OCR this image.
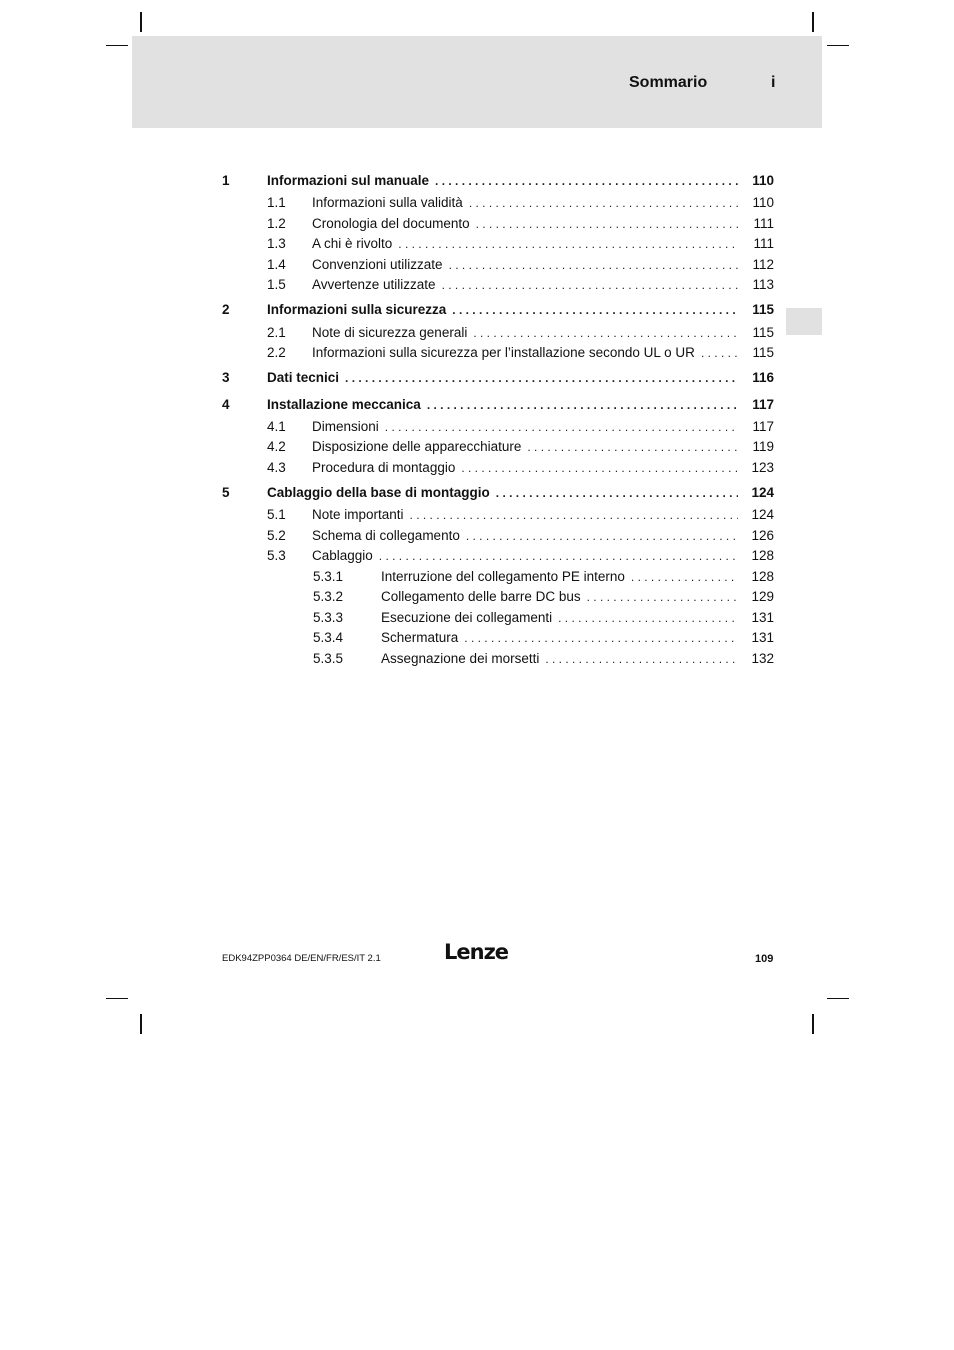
Sommario	i
1	Informazioni sul manuale . . .	110
1.1	Informazioni sulla validità . . .	110
1.2	Cronologia del documento . . .	111
1.3	A chi è rivolto . . .	111
1.4	Convenzioni utilizzate . . .	112
1.5	Avvertenze utilizzate . . .	113
2	Informazioni sulla sicurezza . . .	115
2.1	Note di sicurezza generali . . .	115
2.2	Informazioni sulla sicurezza per l’installazione secondo UL o UR . . .	115
3	Dati tecnici . . .	116
4	Installazione meccanica . . .	117
4.1	Dimensioni . . .	117
4.2	Disposizione delle apparecchiature . . .	119
4.3	Procedura di montaggio . . .	123
5	Cablaggio della base di montaggio . . .	124
5.1	Note importanti . . .	124
5.2	Schema di collegamento . . .	126
5.3	Cablaggio . . .	128
5.3.1	Interruzione del collegamento PE interno . . .	128
5.3.2	Collegamento delle barre DC bus . . .	129
5.3.3	Esecuzione dei collegamenti . . .	131
5.3.4	Schermatura . . .	131
5.3.5	Assegnazione dei morsetti . . .	132
EDK94ZPP0364 DE/EN/FR/ES/IT 2.1	Lenze	109
